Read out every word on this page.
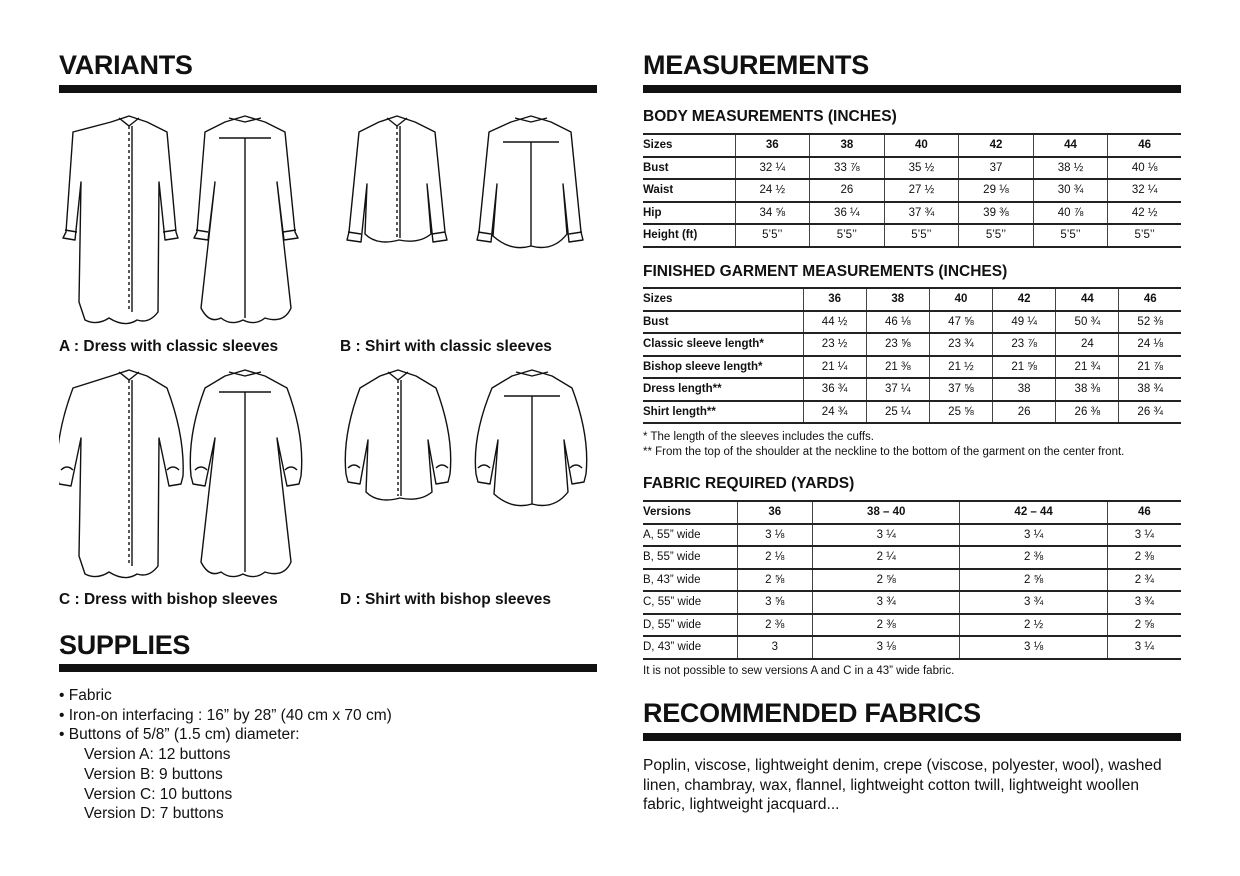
VARIANTS
A : Dress with classic sleeves	B : Shirt with classic sleeves
C : Dress with bishop sleeves	D : Shirt with bishop sleeves
SUPPLIES
• Fabric
• Iron-on interfacing : 16” by 28” (40 cm x 70 cm)
• Buttons of 5/8” (1.5 cm) diameter:
Version A: 12 buttons
Version B: 9 buttons
Version C: 10 buttons
Version D: 7 buttons
MEASUREMENTS
BODY MEASUREMENTS (INCHES)
Sizes	36	38	40	42	44	46
Bust	32 ¼	33 ⅞	35 ½	37	38 ½	40 ⅛
Waist	24 ½	26	27 ½	29 ⅛	30 ¾	32 ¼
Hip	34 ⅝	36 ¼	37 ¾	39 ⅜	40 ⅞	42 ½
Height (ft)	5’5’’	5’5’’	5’5’’	5’5’’	5’5’’	5’5’’
FINISHED GARMENT MEASUREMENTS (INCHES)
Sizes	36	38	40	42	44	46
Bust	44 ½	46 ⅛	47 ⅝	49 ¼	50 ¾	52 ⅜
Classic sleeve length*	23 ½	23 ⅝	23 ¾	23 ⅞	24	24 ⅛
Bishop sleeve length*	21 ¼	21 ⅜	21 ½	21 ⅝	21 ¾	21 ⅞
Dress length**	36 ¾	37 ¼	37 ⅝	38	38 ⅜	38 ¾
Shirt length**	24 ¾	25 ¼	25 ⅝	26	26 ⅜	26 ¾
* The length of the sleeves includes the cuffs.
** From the top of the shoulder at the neckline to the bottom of the garment on the center front.
FABRIC REQUIRED (YARDS)
Versions	36	38 – 40	42 – 44	46
A, 55” wide	3 ⅛	3 ¼	3 ¼	3 ¼
B, 55” wide	2 ⅛	2 ¼	2 ⅜	2 ⅜
B, 43” wide	2 ⅝	2 ⅝	2 ⅝	2 ¾
C, 55” wide	3 ⅝	3 ¾	3 ¾	3 ¾
D, 55” wide	2 ⅜	2 ⅜	2 ½	2 ⅝
D, 43” wide	3	3 ⅛	3 ⅛	3 ¼
It is not possible to sew versions A and C in a 43” wide fabric.
RECOMMENDED FABRICS

Poplin, viscose, lightweight denim, crepe (viscose, polyester, wool), washed linen, chambray, wax, flannel, lightweight cotton twill, lightweight woollen fabric, lightweight jacquard...
